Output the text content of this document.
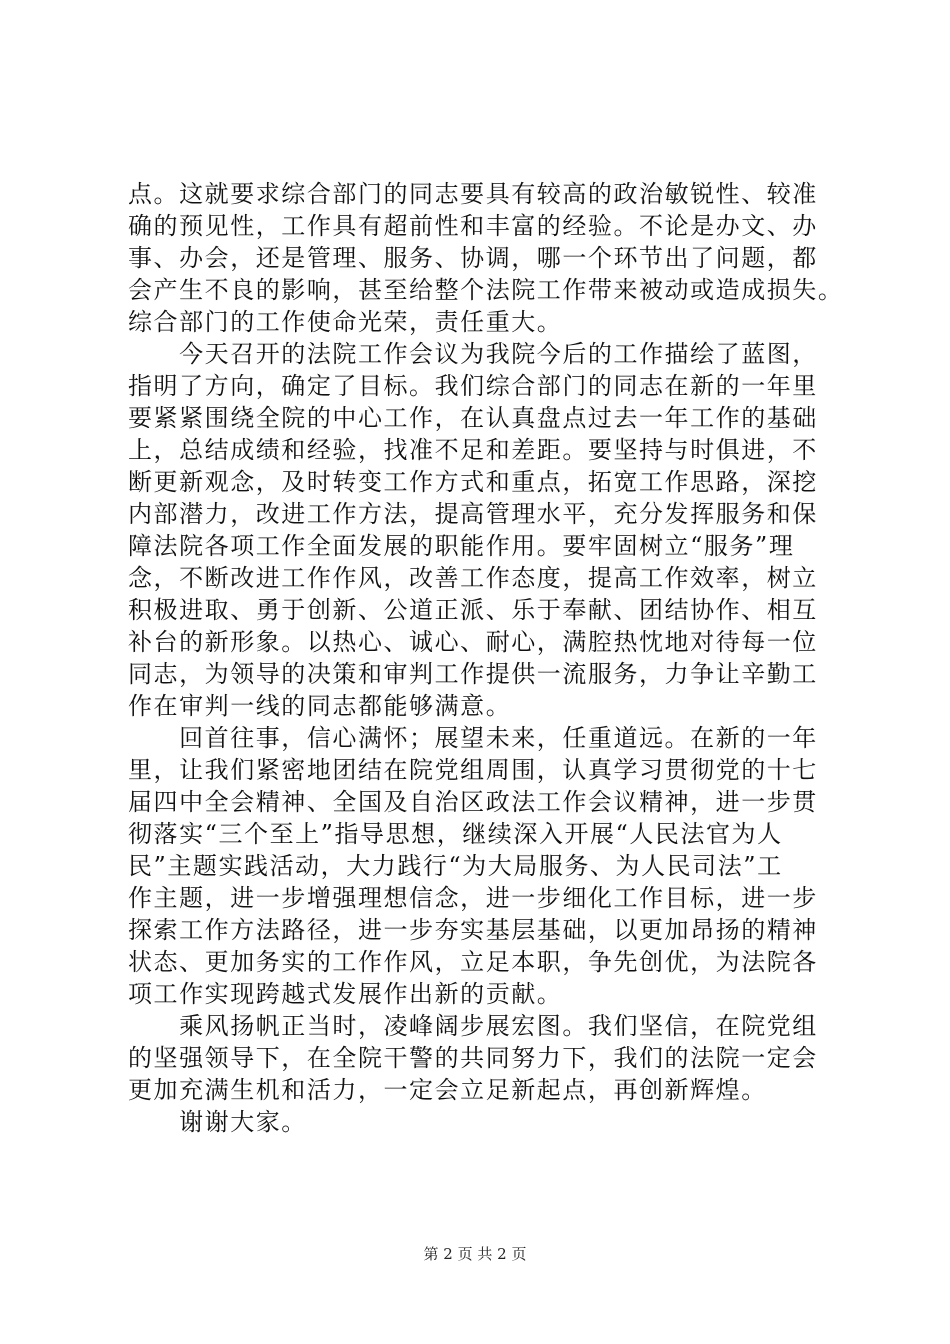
点。这就要求综合部门的同志要具有较高的政治敏锐性、较准
确的预见性，工作具有超前性和丰富的经验。不论是办文、办
事、办会，还是管理、服务、协调，哪一个环节出了问题，都
会产生不良的影响，甚至给整个法院工作带来被动或造成损失。
综合部门的工作使命光荣，责任重大。
　　今天召开的法院工作会议为我院今后的工作描绘了蓝图，
指明了方向，确定了目标。我们综合部门的同志在新的一年里
要紧紧围绕全院的中心工作，在认真盘点过去一年工作的基础
上，总结成绩和经验，找准不足和差距。要坚持与时俱进，不
断更新观念，及时转变工作方式和重点，拓宽工作思路，深挖
内部潜力，改进工作方法，提高管理水平，充分发挥服务和保
障法院各项工作全面发展的职能作用。要牢固树立“服务”理
念，不断改进工作作风，改善工作态度，提高工作效率，树立
积极进取、勇于创新、公道正派、乐于奉献、团结协作、相互
补台的新形象。以热心、诚心、耐心，满腔热忱地对待每一位
同志，为领导的决策和审判工作提供一流服务，力争让辛勤工
作在审判一线的同志都能够满意。
　　回首往事，信心满怀；展望未来，任重道远。在新的一年
里，让我们紧密地团结在院党组周围，认真学习贯彻党的十七
届四中全会精神、全国及自治区政法工作会议精神，进一步贯
彻落实“三个至上”指导思想，继续深入开展“人民法官为人
民”主题实践活动，大力践行“为大局服务、为人民司法”工
作主题，进一步增强理想信念，进一步细化工作目标，进一步
探索工作方法路径，进一步夯实基层基础，以更加昂扬的精神
状态、更加务实的工作作风，立足本职，争先创优，为法院各
项工作实现跨越式发展作出新的贡献。
　　乘风扬帆正当时，凌峰阔步展宏图。我们坚信，在院党组
的坚强领导下，在全院干警的共同努力下，我们的法院一定会
更加充满生机和活力，一定会立足新起点，再创新辉煌。
　　谢谢大家。
第 2 页 共 2 页
